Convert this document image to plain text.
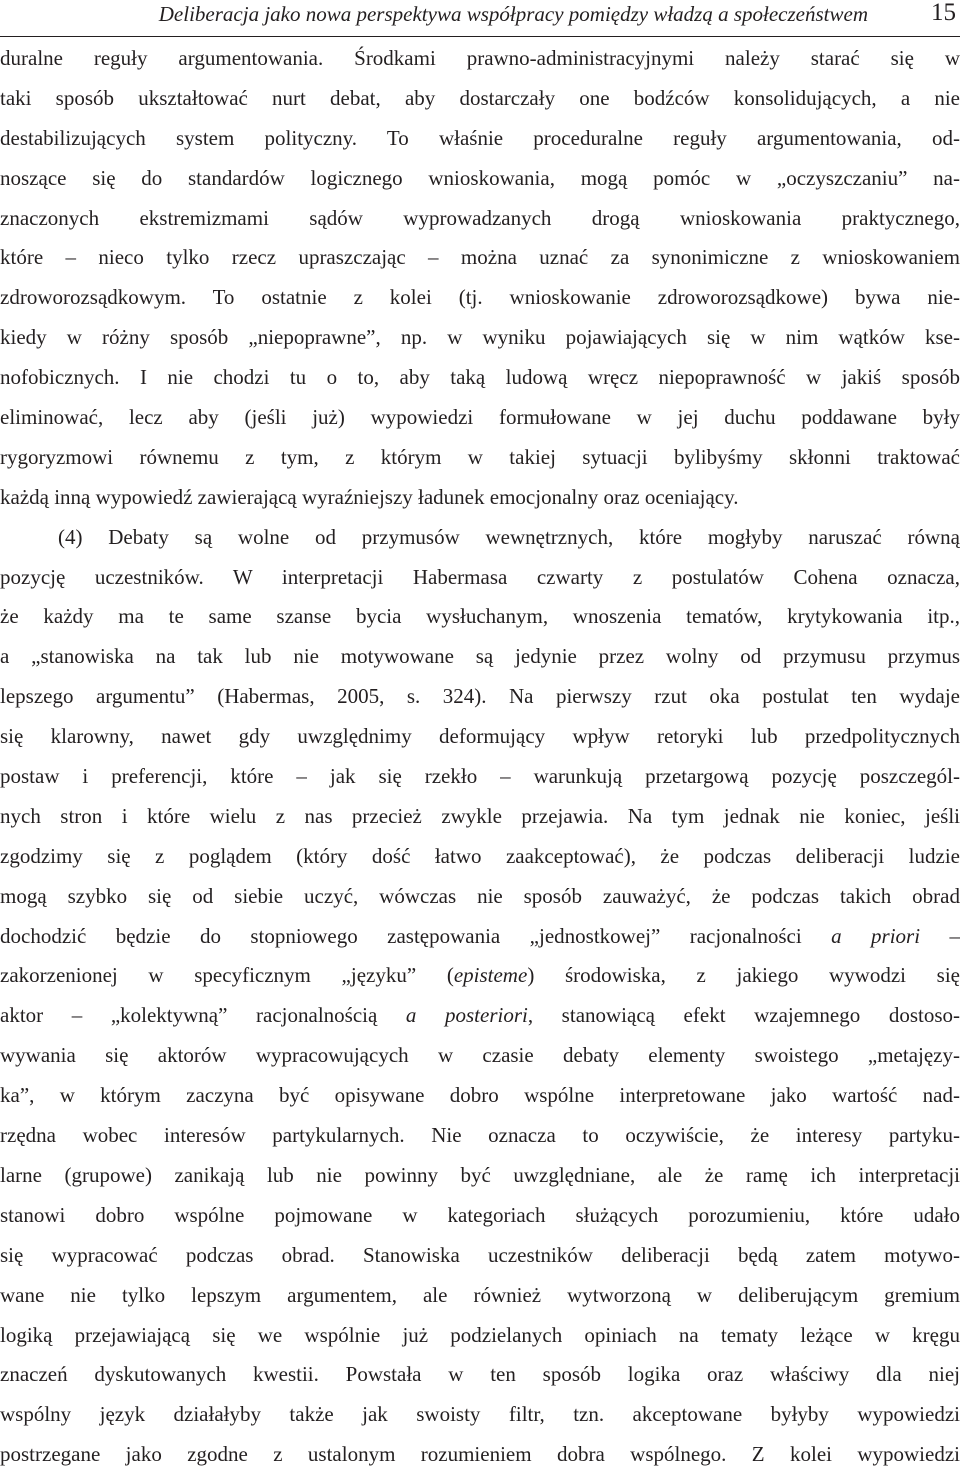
Deliberacja jako nowa perspektywa współpracy pomiędzy władzą a społeczeństwem	15
duralne reguły argumentowania. Środkami prawno-administracyjnymi należy starać się w
taki sposób ukształtować nurt debat, aby dostarczały one bodźców konsolidujących, a nie
destabilizujących system polityczny. To właśnie proceduralne reguły argumentowania, od-
noszące się do standardów logicznego wnioskowania, mogą pomóc w „oczyszczaniu” na-
znaczonych ekstremizmami sądów wyprowadzanych drogą wnioskowania praktycznego,
które – nieco tylko rzecz upraszczając – można uznać za synonimiczne z wnioskowaniem
zdroworozsądkowym. To ostatnie z kolei (tj. wnioskowanie zdroworozsądkowe) bywa nie-
kiedy w różny sposób „niepoprawne”, np. w wyniku pojawiających się w nim wątków kse-
nofobicznych. I nie chodzi tu o to, aby taką ludową wręcz niepoprawność w jakiś sposób
eliminować, lecz aby (jeśli już) wypowiedzi formułowane w jej duchu poddawane były
rygoryzmowi równemu z tym, z którym w takiej sytuacji bylibyśmy skłonni traktować
każdą inną wypowiedź zawierającą wyraźniejszy ładunek emocjonalny oraz oceniający.
(4) Debaty są wolne od przymusów wewnętrznych, które mogłyby naruszać równą
pozycję uczestników. W interpretacji Habermasa czwarty z postulatów Cohena oznacza,
że każdy ma te same szanse bycia wysłuchanym, wnoszenia tematów, krytykowania itp.,
a „stanowiska na tak lub nie motywowane są jedynie przez wolny od przymusu przymus
lepszego argumentu” (Habermas, 2005, s. 324). Na pierwszy rzut oka postulat ten wydaje
się klarowny, nawet gdy uwzględnimy deformujący wpływ retoryki lub przedpolitycznych
postaw i preferencji, które – jak się rzekło – warunkują przetargową pozycję poszczegól-
nych stron i które wielu z nas przecież zwykle przejawia. Na tym jednak nie koniec, jeśli
zgodzimy się z poglądem (który dość łatwo zaakceptować), że podczas deliberacji ludzie
mogą szybko się od siebie uczyć, wówczas nie sposób zauważyć, że podczas takich obrad
dochodzić będzie do stopniowego zastępowania „jednostkowej” racjonalności a priori –
zakorzenionej w specyficznym „języku” (episteme) środowiska, z jakiego wywodzi się
aktor – „kolektywną” racjonalnością a posteriori, stanowiącą efekt wzajemnego dostoso-
wywania się aktorów wypracowujących w czasie debaty elementy swoistego „metajęzy-
ka”, w którym zaczyna być opisywane dobro wspólne interpretowane jako wartość nad-
rzędna wobec interesów partykularnych. Nie oznacza to oczywiście, że interesy partyku-
larne (grupowe) zanikają lub nie powinny być uwzględniane, ale że ramę ich interpretacji
stanowi dobro wspólne pojmowane w kategoriach służących porozumieniu, które udało
się wypracować podczas obrad. Stanowiska uczestników deliberacji będą zatem motywo-
wane nie tylko lepszym argumentem, ale również wytworzoną w deliberującym gremium
logiką przejawiającą się we wspólnie już podzielanych opiniach na tematy leżące w kręgu
znaczeń dyskutowanych kwestii. Powstała w ten sposób logika oraz właściwy dla niej
wspólny język działałyby także jak swoisty filtr, tzn. akceptowane byłyby wypowiedzi
postrzegane jako zgodne z ustalonym rozumieniem dobra wspólnego. Z kolei wypowiedzi
